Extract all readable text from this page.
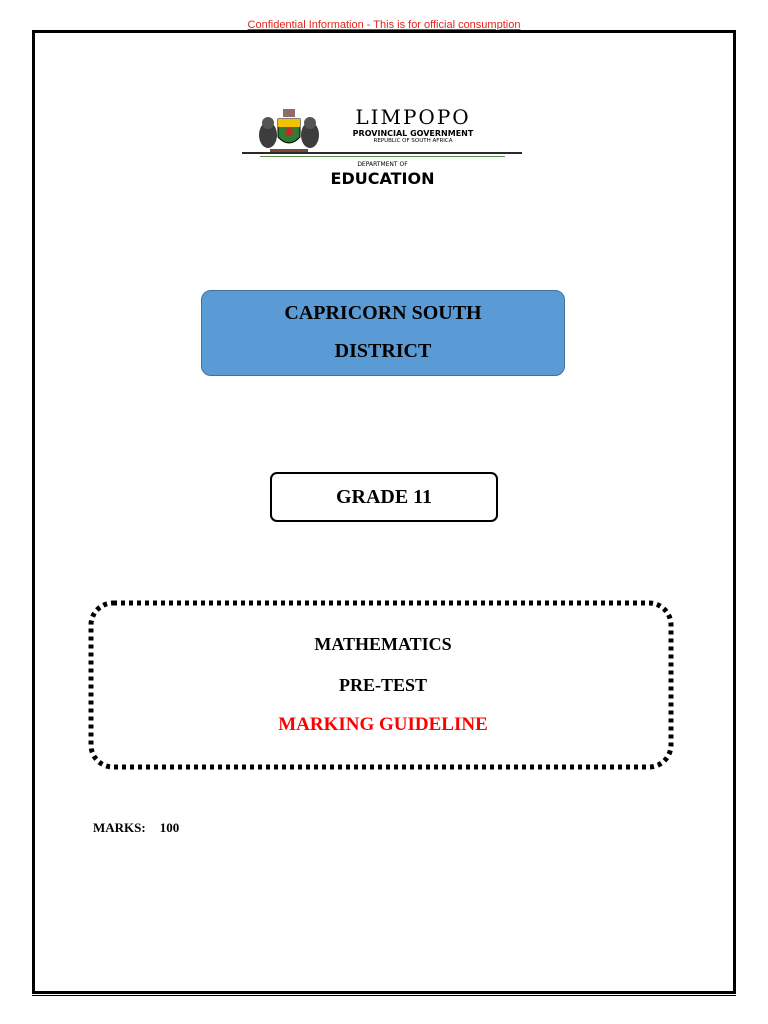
Confidential Information - This is for official consumption
LIMPOPO
PROVINCIAL GOVERNMENT
REPUBLIC OF SOUTH AFRICA
DEPARTMENT OF
EDUCATION
CAPRICORN SOUTH
DISTRICT
GRADE 11
MATHEMATICS
PRE-TEST
MARKING GUIDELINE
MARKS: 100
